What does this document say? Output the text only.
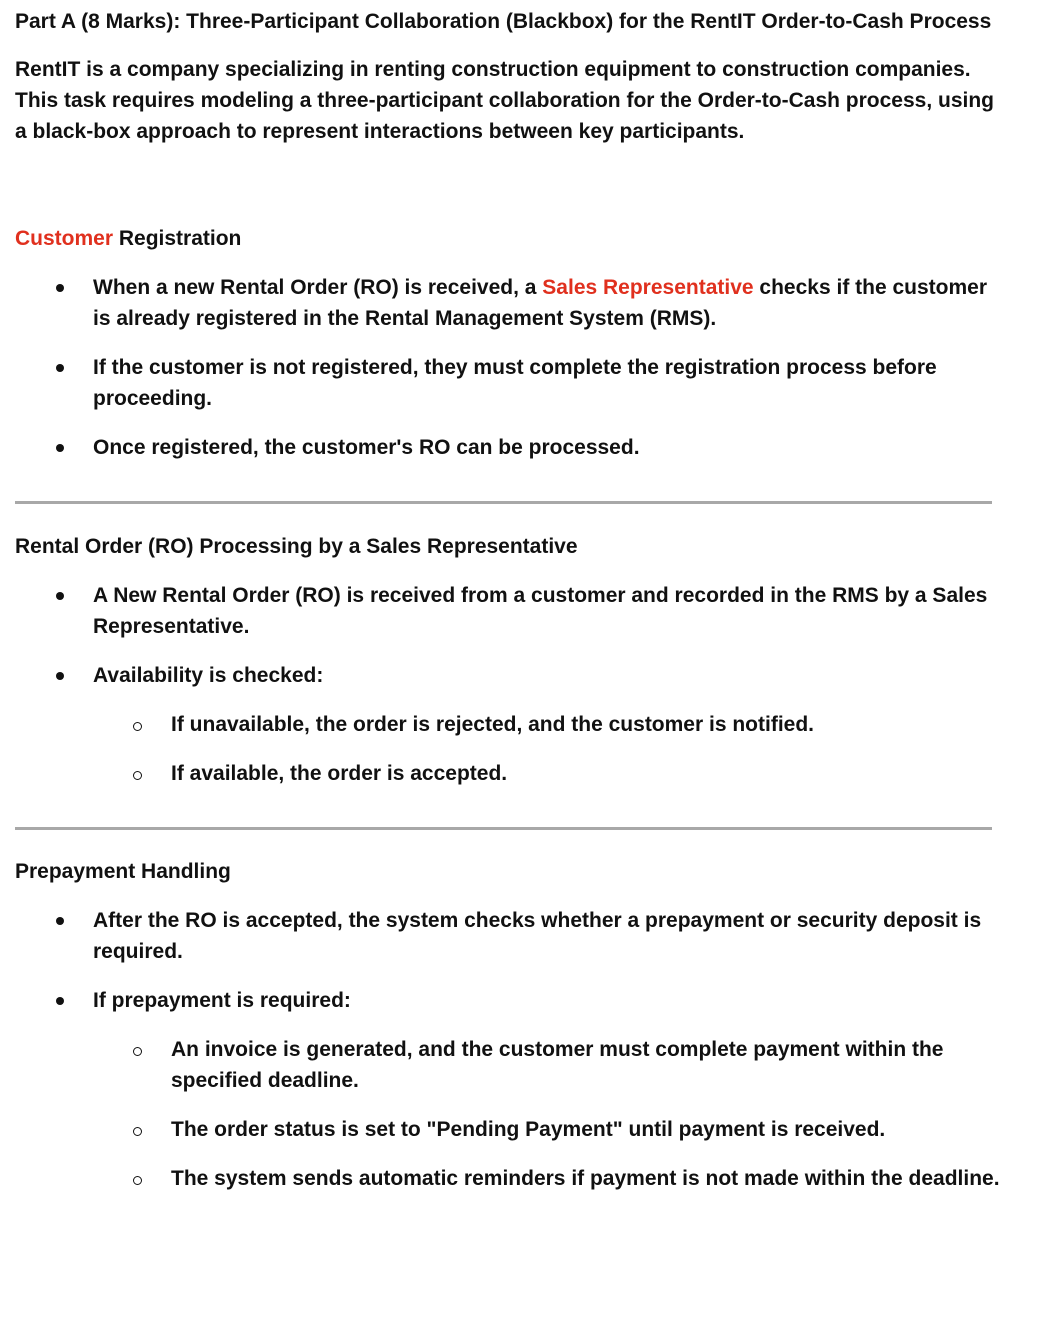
Part A (8 Marks): Three-Participant Collaboration (Blackbox) for the RentIT Order-to-Cash Process

RentIT is a company specializing in renting construction equipment to construction companies. This task requires modeling a three-participant collaboration for the Order-to-Cash process, using a black-box approach to represent interactions between key participants.

Customer Registration

When a new Rental Order (RO) is received, a Sales Representative checks if the customer is already registered in the Rental Management System (RMS).
If the customer is not registered, they must complete the registration process before proceeding.
Once registered, the customer's RO can be processed.

Rental Order (RO) Processing by a Sales Representative

A New Rental Order (RO) is received from a customer and recorded in the RMS by a Sales Representative.
Availability is checked:
If unavailable, the order is rejected, and the customer is notified.
If available, the order is accepted.

Prepayment Handling

After the RO is accepted, the system checks whether a prepayment or security deposit is required.
If prepayment is required:
An invoice is generated, and the customer must complete payment within the specified deadline.
The order status is set to "Pending Payment" until payment is received.
The system sends automatic reminders if payment is not made within the deadline.
